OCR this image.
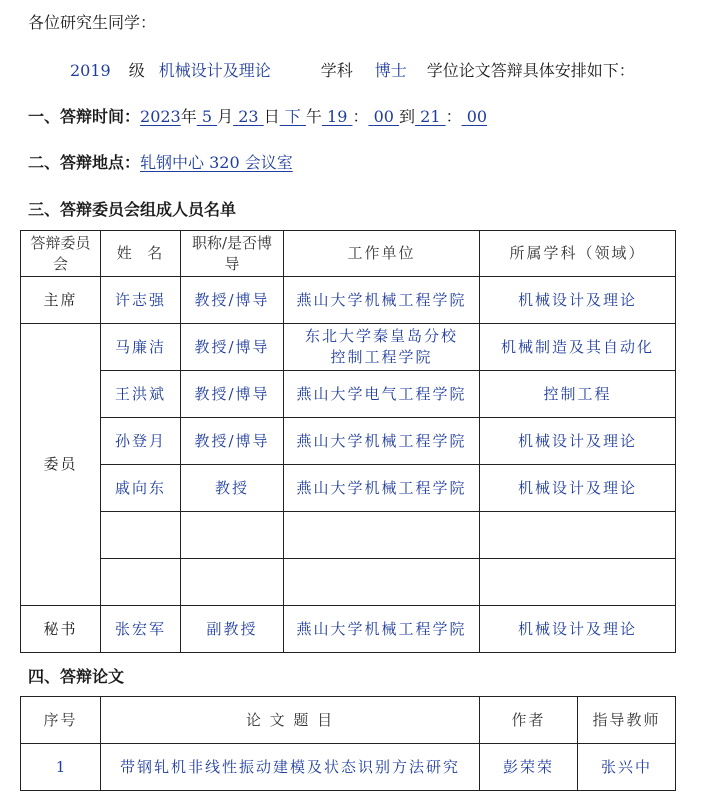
各位研究生同学：
2019 级 机械设计及理论	学科 博士 学位论文答辩具体安排如下：
一、答辩时间：2023年 5 月 23 日 下 午 19 ： 00 到 21 ： 00
二、答辩地点：轧钢中心 320 会议室
三、答辩委员会组成人员名单
答辩委员会	姓  名	职称/是否博导	工作单位	所属学科（领域）
主席	许志强	教授/博导	燕山大学机械工程学院	机械设计及理论
委员	马廉洁	教授/博导	东北大学秦皇岛分校控制工程学院	机械制造及其自动化
	王洪斌	教授/博导	燕山大学电气工程学院	控制工程
	孙登月	教授/博导	燕山大学机械工程学院	机械设计及理论
	戚向东	教授	燕山大学机械工程学院	机械设计及理论

秘书	张宏军	副教授	燕山大学机械工程学院	机械设计及理论
四、答辩论文
序号	论 文 题 目	作者	指导教师
1	带钢轧机非线性振动建模及状态识别方法研究	彭荣荣	张兴中
